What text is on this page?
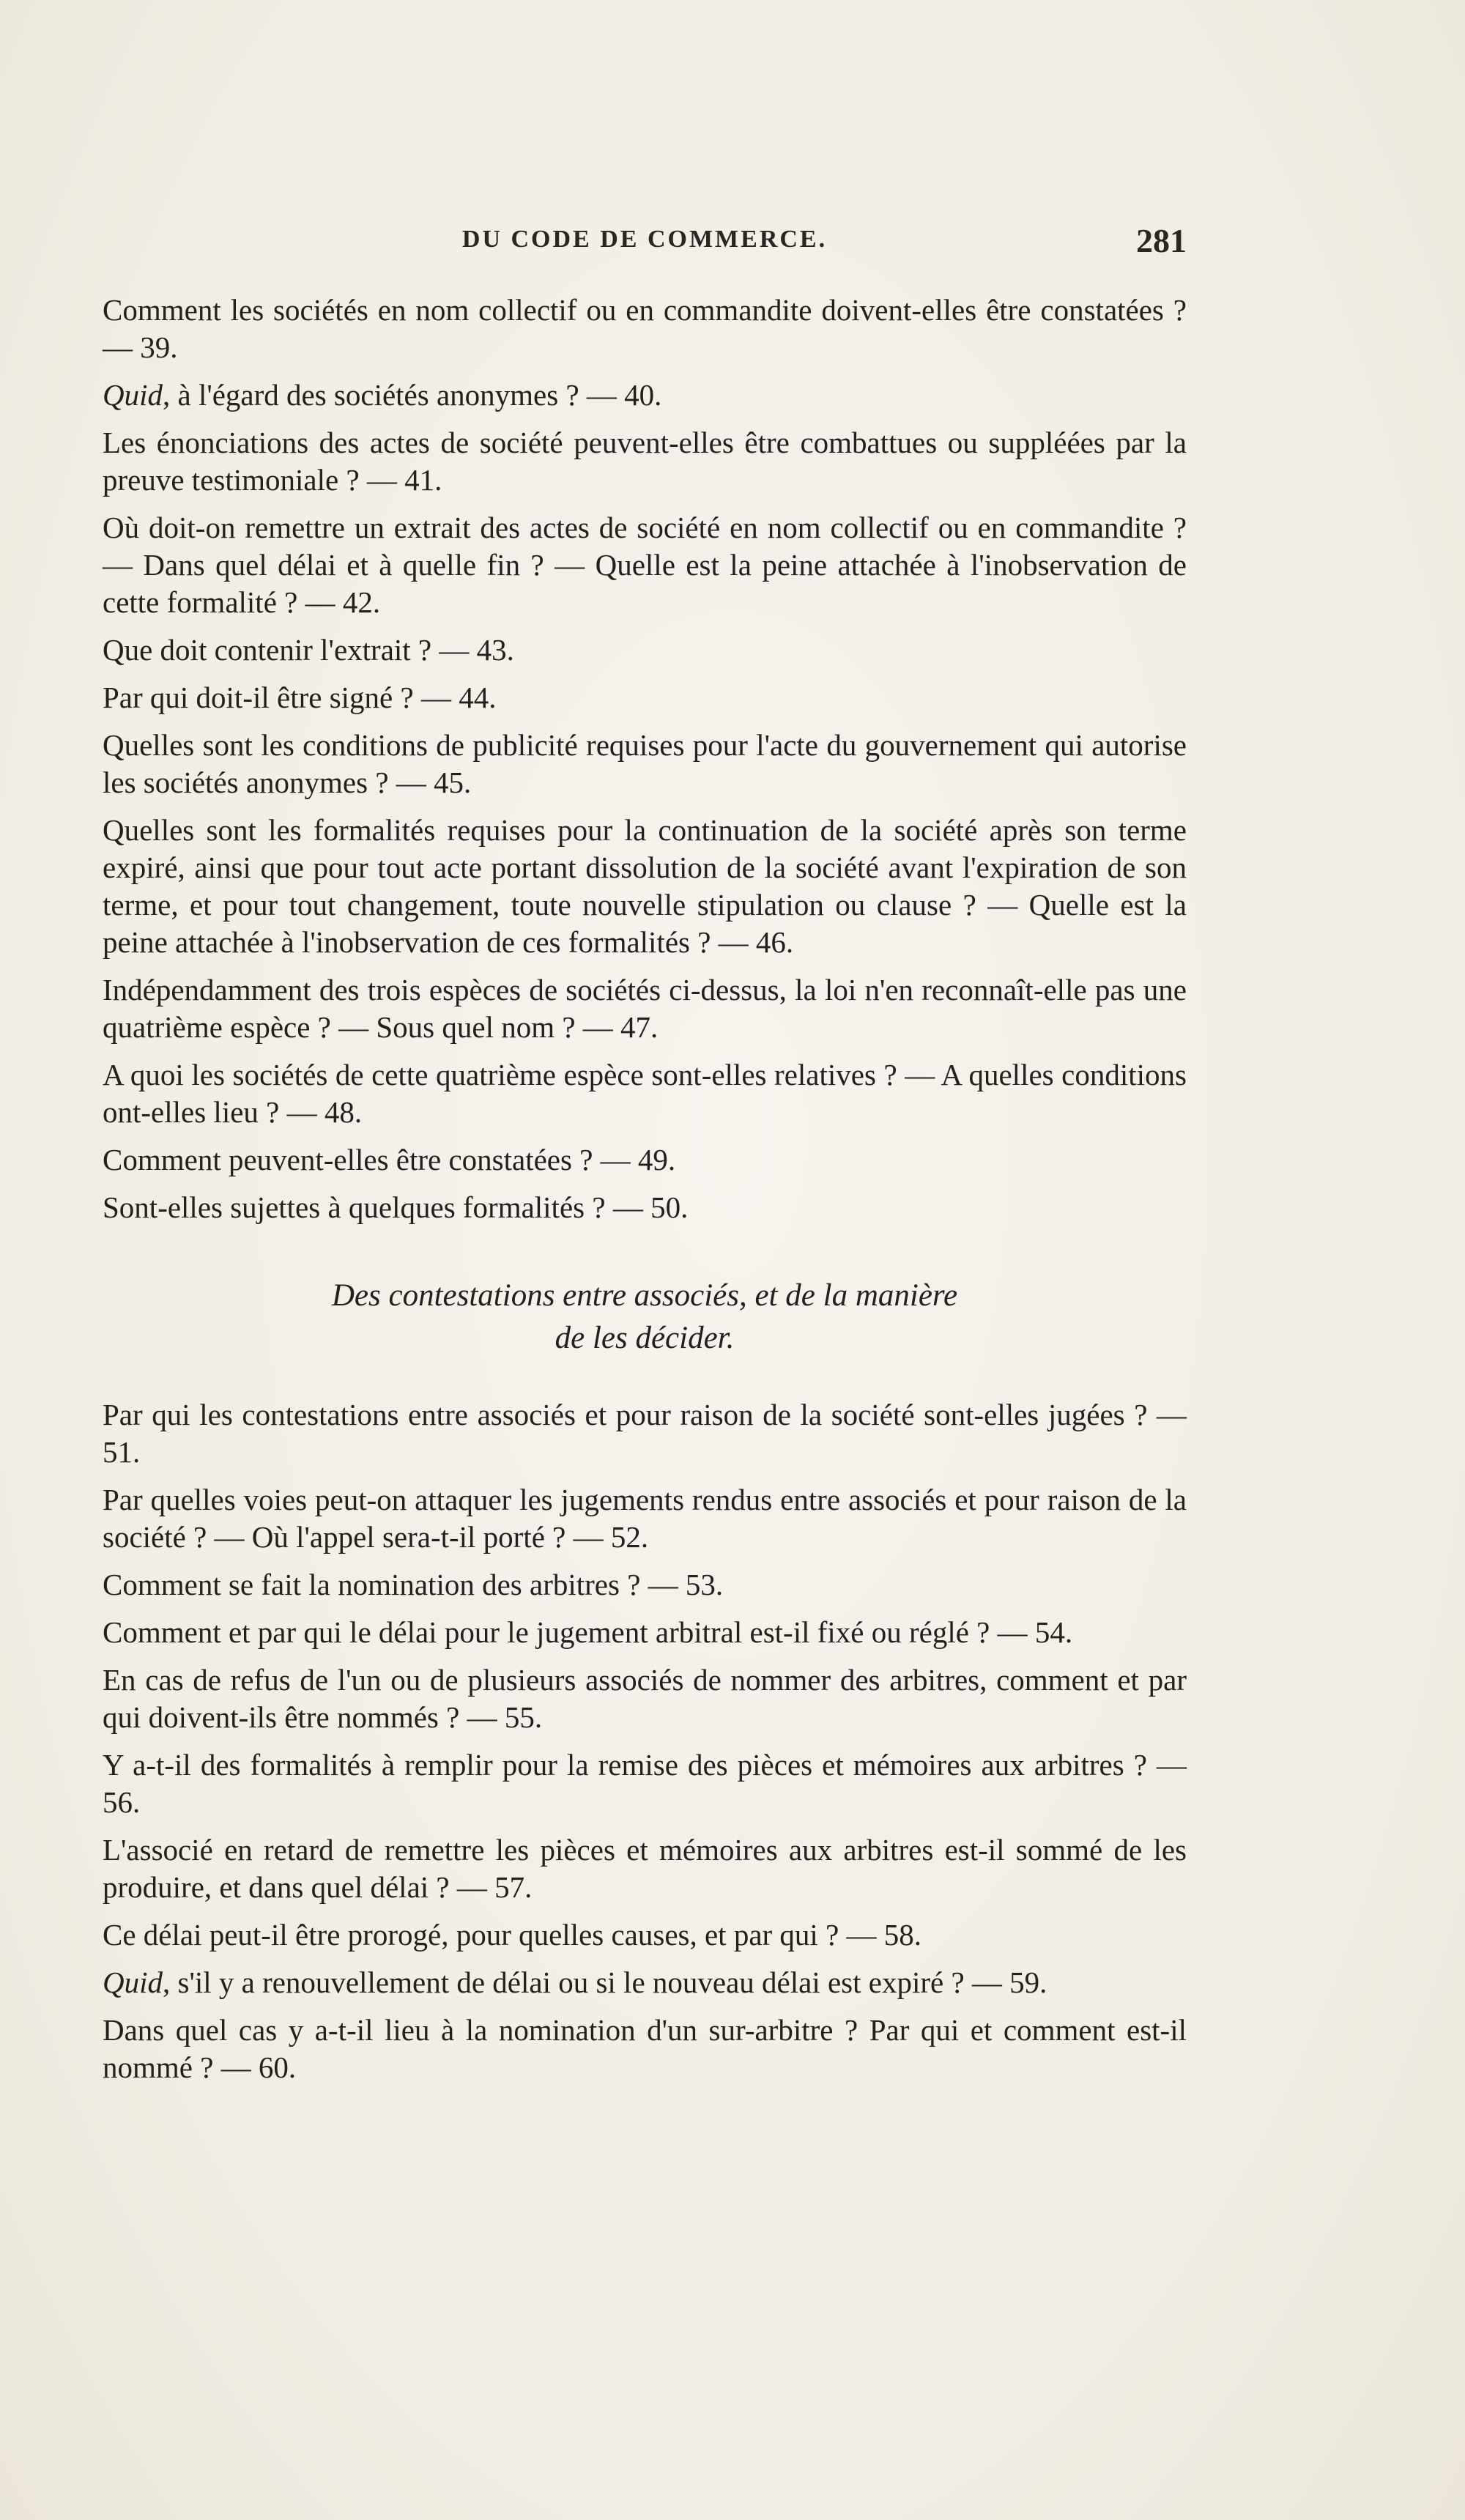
DU CODE DE COMMERCE.	281

Comment les sociétés en nom collectif ou en commandite doivent-elles être constatées ? — 39.

Quid, à l'égard des sociétés anonymes ? — 40.

Les énonciations des actes de société peuvent-elles être combattues ou suppléées par la preuve testimoniale ? — 41.

Où doit-on remettre un extrait des actes de société en nom collectif ou en commandite ? — Dans quel délai et à quelle fin ? — Quelle est la peine attachée à l'inobservation de cette formalité ? — 42.

Que doit contenir l'extrait ? — 43.

Par qui doit-il être signé ? — 44.

Quelles sont les conditions de publicité requises pour l'acte du gouvernement qui autorise les sociétés anonymes ? — 45.

Quelles sont les formalités requises pour la continuation de la société après son terme expiré, ainsi que pour tout acte portant dissolution de la société avant l'expiration de son terme, et pour tout changement, toute nouvelle stipulation ou clause ? — Quelle est la peine attachée à l'inobservation de ces formalités ? — 46.

Indépendamment des trois espèces de sociétés ci-dessus, la loi n'en reconnaît-elle pas une quatrième espèce ? — Sous quel nom ? — 47.

A quoi les sociétés de cette quatrième espèce sont-elles relatives ? — A quelles conditions ont-elles lieu ? — 48.

Comment peuvent-elles être constatées ? — 49.

Sont-elles sujettes à quelques formalités ? — 50.

Des contestations entre associés, et de la manière
de les décider.

Par qui les contestations entre associés et pour raison de la société sont-elles jugées ? — 51.

Par quelles voies peut-on attaquer les jugements rendus entre associés et pour raison de la société ? — Où l'appel sera-t-il porté ? — 52.

Comment se fait la nomination des arbitres ? — 53.

Comment et par qui le délai pour le jugement arbitral est-il fixé ou réglé ? — 54.

En cas de refus de l'un ou de plusieurs associés de nommer des arbitres, comment et par qui doivent-ils être nommés ? — 55.

Y a-t-il des formalités à remplir pour la remise des pièces et mémoires aux arbitres ? — 56.

L'associé en retard de remettre les pièces et mémoires aux arbitres est-il sommé de les produire, et dans quel délai ? — 57.

Ce délai peut-il être prorogé, pour quelles causes, et par qui ? — 58.

Quid, s'il y a renouvellement de délai ou si le nouveau délai est expiré ? — 59.

Dans quel cas y a-t-il lieu à la nomination d'un sur-arbitre ? Par qui et comment est-il nommé ? — 60.
